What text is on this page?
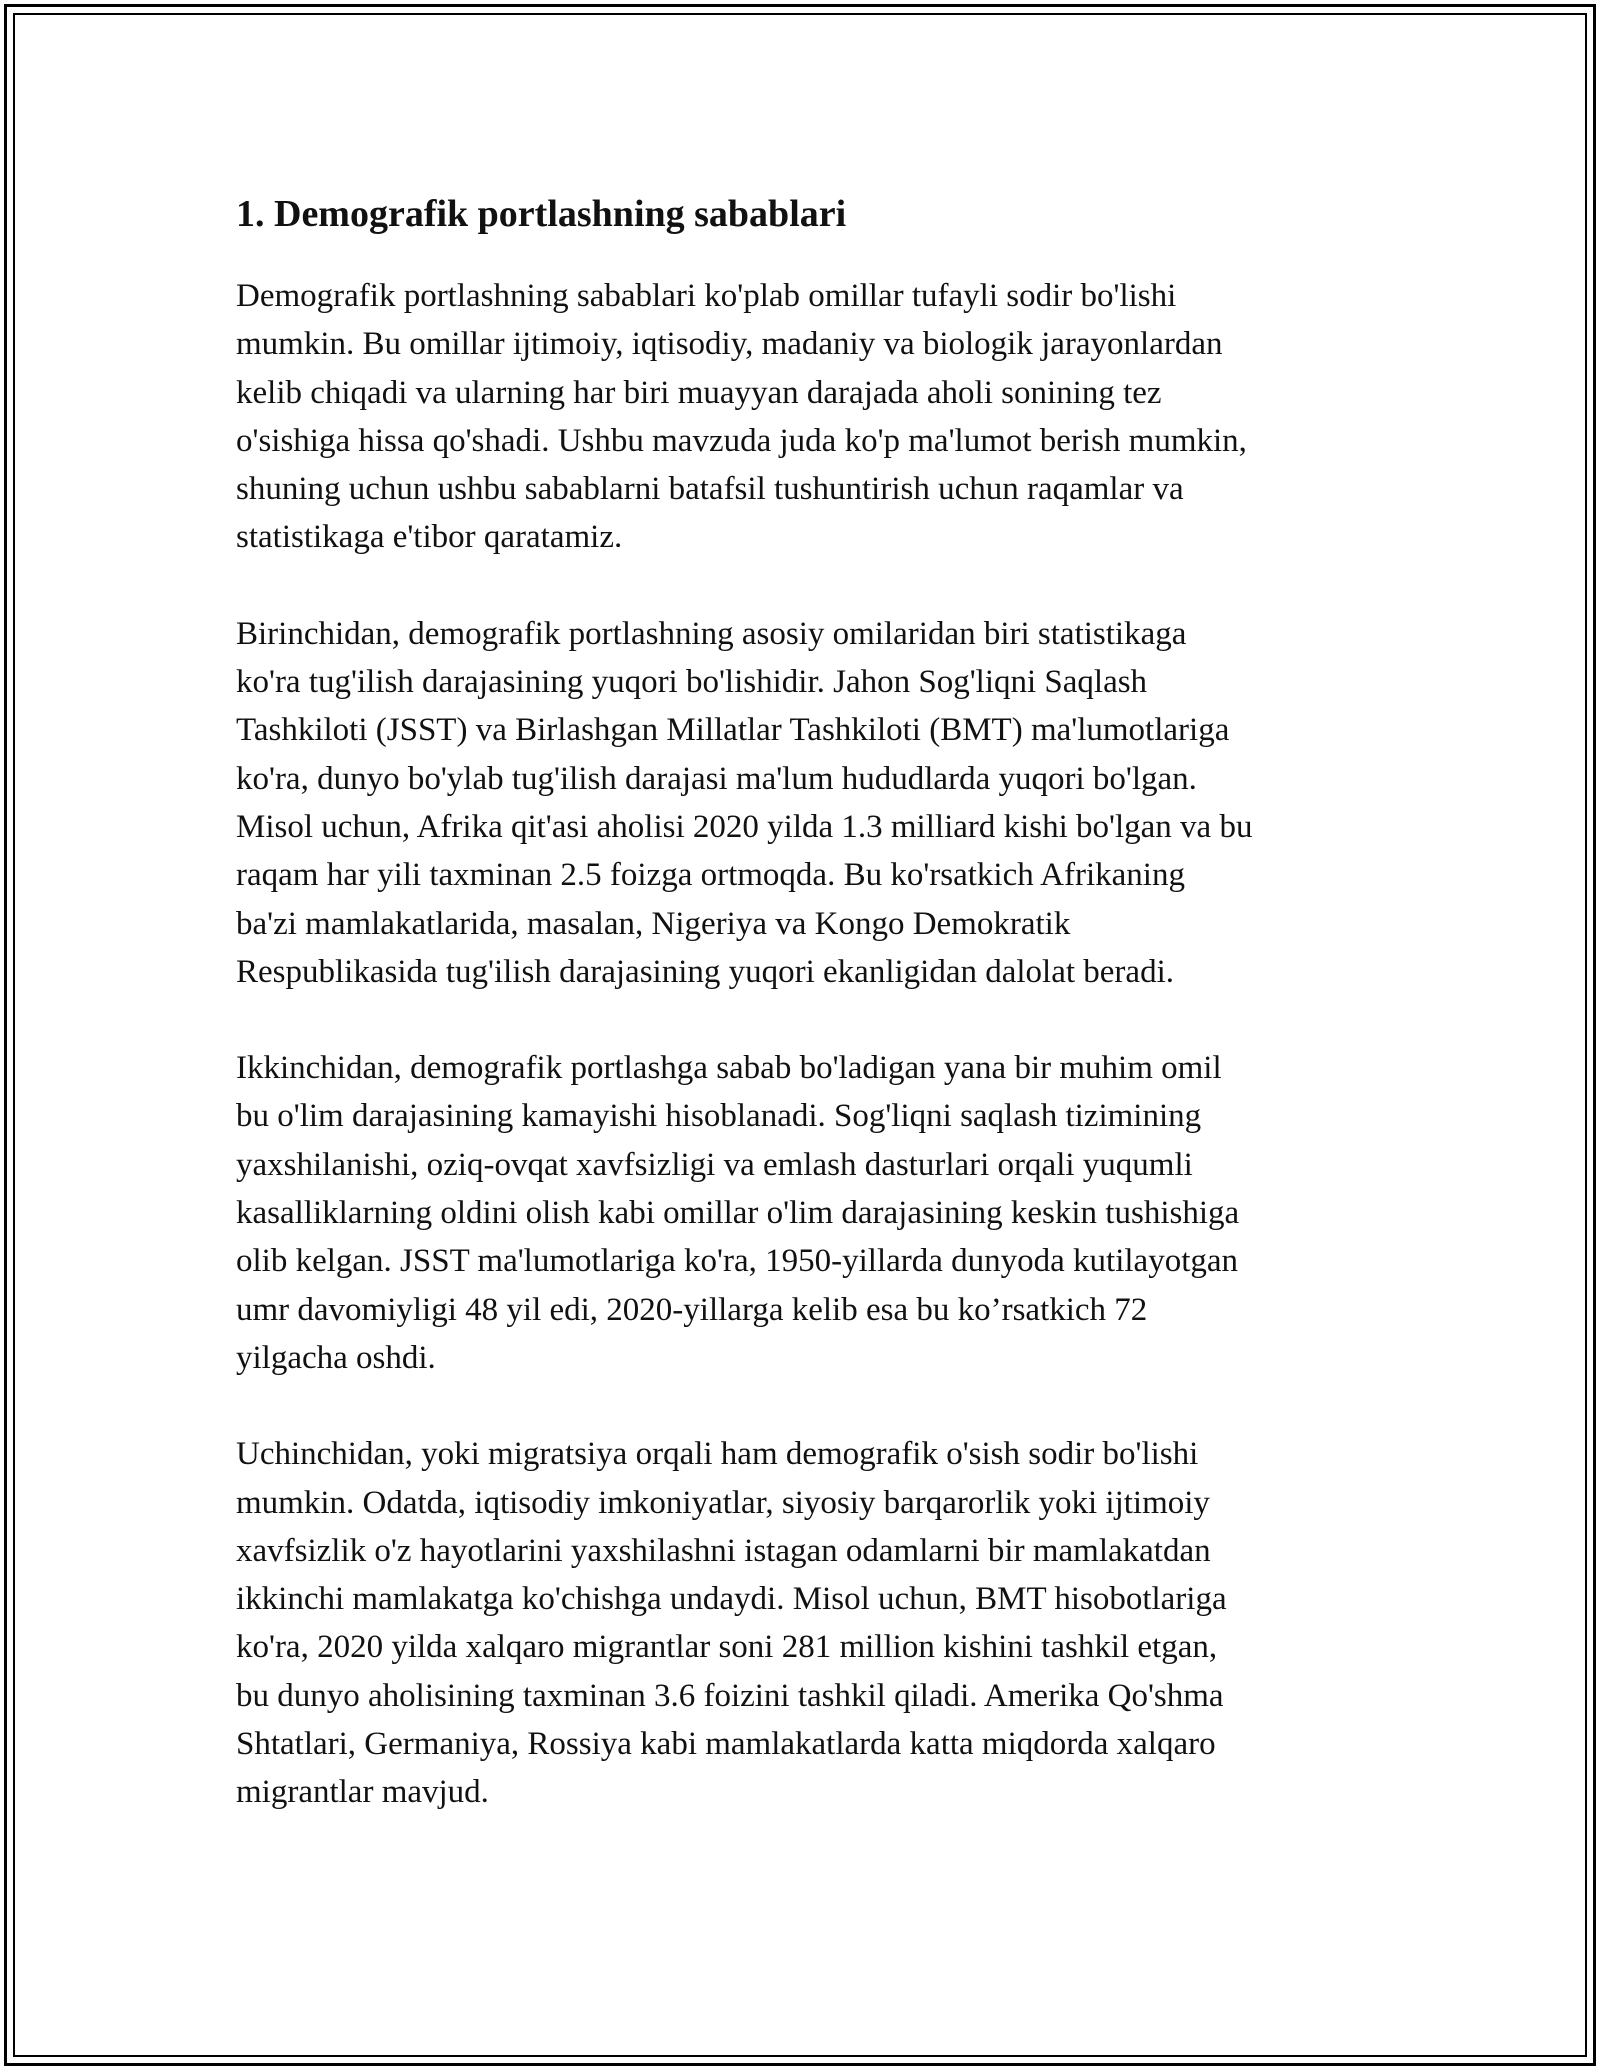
1. Demografik portlashning sabablari

Demografik portlashning sabablari ko'plab omillar tufayli sodir bo'lishi
mumkin. Bu omillar ijtimoiy, iqtisodiy, madaniy va biologik jarayonlardan
kelib chiqadi va ularning har biri muayyan darajada aholi sonining tez
o'sishiga hissa qo'shadi. Ushbu mavzuda juda ko'p ma'lumot berish mumkin,
shuning uchun ushbu sabablarni batafsil tushuntirish uchun raqamlar va
statistikaga e'tibor qaratamiz.

Birinchidan, demografik portlashning asosiy omilaridan biri statistikaga
ko'ra tug'ilish darajasining yuqori bo'lishidir. Jahon Sog'liqni Saqlash
Tashkiloti (JSST) va Birlashgan Millatlar Tashkiloti (BMT) ma'lumotlariga
ko'ra, dunyo bo'ylab tug'ilish darajasi ma'lum hududlarda yuqori bo'lgan.
Misol uchun, Afrika qit'asi aholisi 2020 yilda 1.3 milliard kishi bo'lgan va bu
raqam har yili taxminan 2.5 foizga ortmoqda. Bu ko'rsatkich Afrikaning
ba'zi mamlakatlarida, masalan, Nigeriya va Kongo Demokratik
Respublikasida tug'ilish darajasining yuqori ekanligidan dalolat beradi.

Ikkinchidan, demografik portlashga sabab bo'ladigan yana bir muhim omil
bu o'lim darajasining kamayishi hisoblanadi. Sog'liqni saqlash tizimining
yaxshilanishi, oziq-ovqat xavfsizligi va emlash dasturlari orqali yuqumli
kasalliklarning oldini olish kabi omillar o'lim darajasining keskin tushishiga
olib kelgan. JSST ma'lumotlariga ko'ra, 1950-yillarda dunyoda kutilayotgan
umr davomiyligi 48 yil edi, 2020-yillarga kelib esa bu ko’rsatkich 72
yilgacha oshdi.

Uchinchidan, yoki migratsiya orqali ham demografik o'sish sodir bo'lishi
mumkin. Odatda, iqtisodiy imkoniyatlar, siyosiy barqarorlik yoki ijtimoiy
xavfsizlik o'z hayotlarini yaxshilashni istagan odamlarni bir mamlakatdan
ikkinchi mamlakatga ko'chishga undaydi. Misol uchun, BMT hisobotlariga
ko'ra, 2020 yilda xalqaro migrantlar soni 281 million kishini tashkil etgan,
bu dunyo aholisining taxminan 3.6 foizini tashkil qiladi. Amerika Qo'shma
Shtatlari, Germaniya, Rossiya kabi mamlakatlarda katta miqdorda xalqaro
migrantlar mavjud.
